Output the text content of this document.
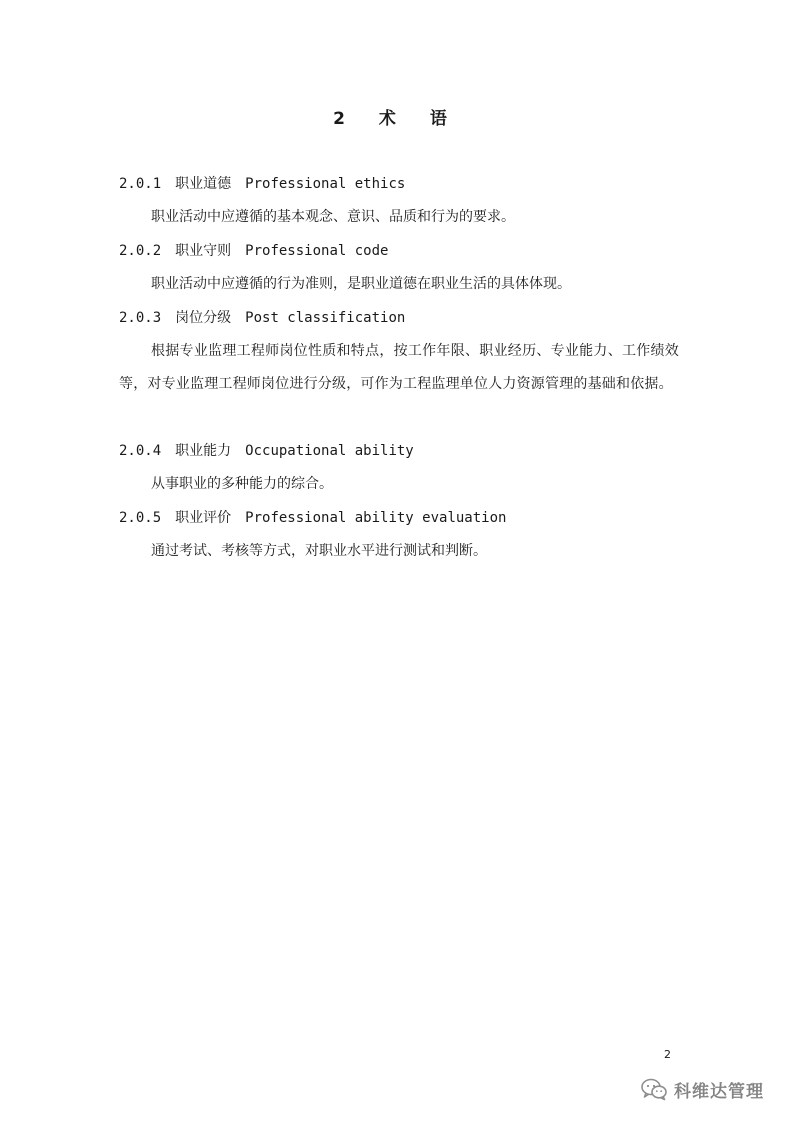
2 术 语
2.0.1 职业道德 Professional ethics
职业活动中应遵循的基本观念、意识、品质和行为的要求。
2.0.2 职业守则 Professional code
职业活动中应遵循的行为准则，是职业道德在职业生活的具体体现。
2.0.3 岗位分级 Post classification
根据专业监理工程师岗位性质和特点，按工作年限、职业经历、专业能力、工作绩效等，对专业监理工程师岗位进行分级，可作为工程监理单位人力资源管理的基础和依据。
2.0.4 职业能力 Occupational ability
从事职业的多种能力的综合。
2.0.5 职业评价 Professional ability evaluation
通过考试、考核等方式，对职业水平进行测试和判断。
2
科维达管理
